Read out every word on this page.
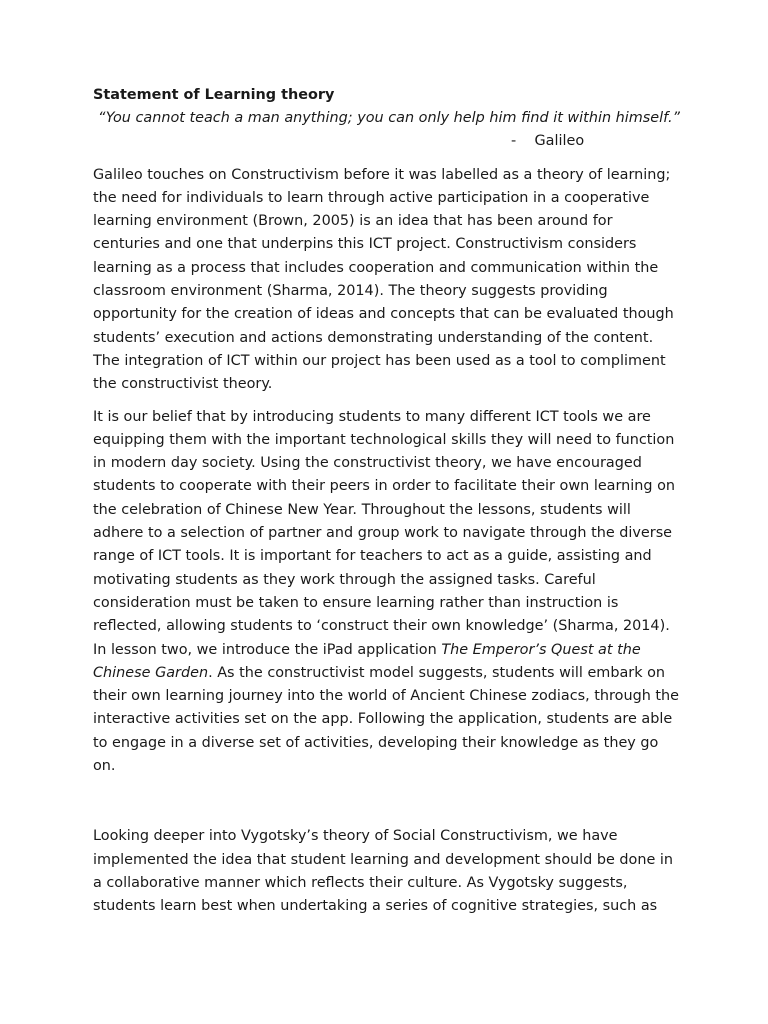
Statement of Learning theory

“You cannot teach a man anything; you can only help him find it within himself.”

- Galileo

Galileo touches on Constructivism before it was labelled as a theory of learning; the need for individuals to learn through active participation in a cooperative learning environment (Brown, 2005) is an idea that has been around for centuries and one that underpins this ICT project. Constructivism considers learning as a process that includes cooperation and communication within the classroom environment (Sharma, 2014). The theory suggests providing opportunity for the creation of ideas and concepts that can be evaluated though students’ execution and actions demonstrating understanding of the content. The integration of ICT within our project has been used as a tool to compliment the constructivist theory.

It is our belief that by introducing students to many different ICT tools we are equipping them with the important technological skills they will need to function in modern day society. Using the constructivist theory, we have encouraged students to cooperate with their peers in order to facilitate their own learning on the celebration of Chinese New Year. Throughout the lessons, students will adhere to a selection of partner and group work to navigate through the diverse range of ICT tools. It is important for teachers to act as a guide, assisting and motivating students as they work through the assigned tasks. Careful consideration must be taken to ensure learning rather than instruction is reflected, allowing students to ‘construct their own knowledge’ (Sharma, 2014). In lesson two, we introduce the iPad application The Emperor’s Quest at the Chinese Garden. As the constructivist model suggests, students will embark on their own learning journey into the world of Ancient Chinese zodiacs, through the interactive activities set on the app. Following the application, students are able to engage in a diverse set of activities, developing their knowledge as they go on.

Looking deeper into Vygotsky’s theory of Social Constructivism, we have implemented the idea that student learning and development should be done in a collaborative manner which reflects their culture. As Vygotsky suggests, students learn best when undertaking a series of cognitive strategies, such as
